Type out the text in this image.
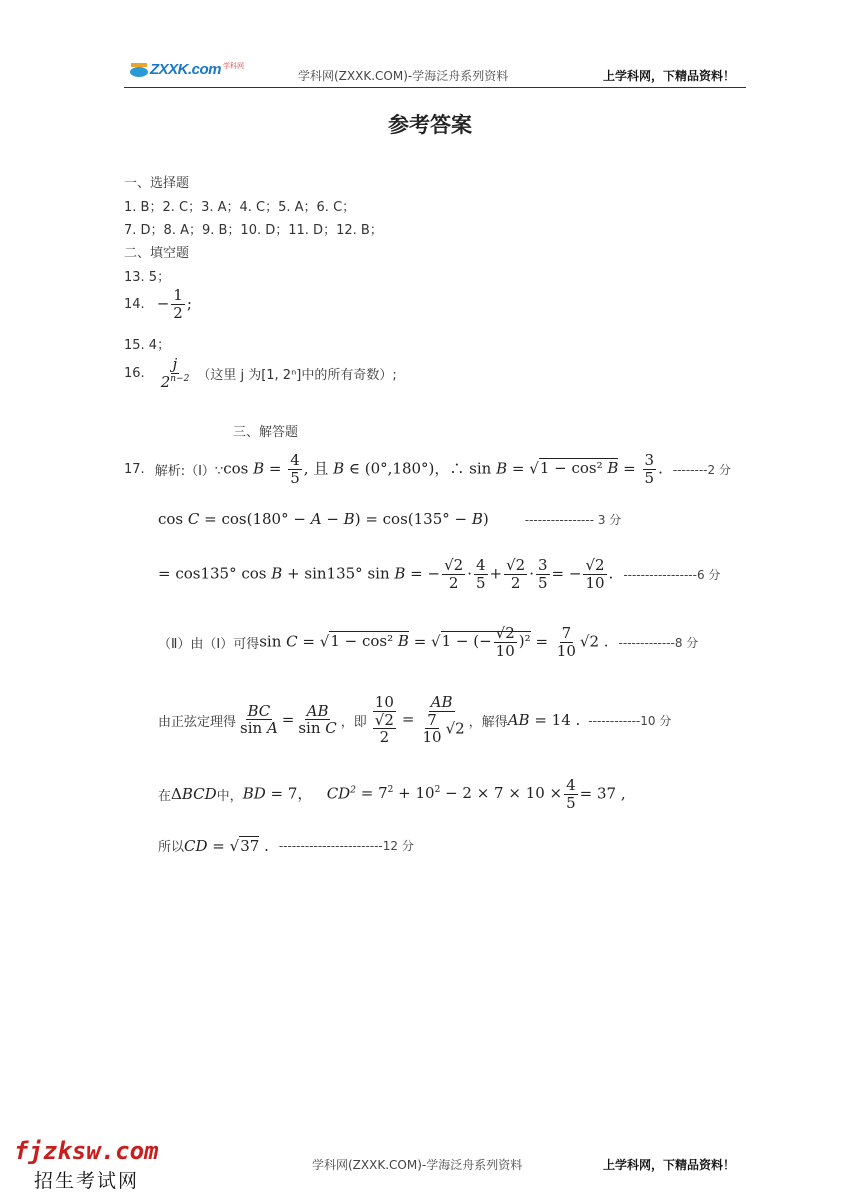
ZXXK.com 学科网
学科网(ZXXK.COM)-学海泛舟系列资料	上学科网，下精品资料！
参考答案
一、选择题
1. B；2. C；3. A；4. C；5. A；6. C；
7. D；8. A；9. B；10. D；11. D；12. B；
二、填空题
13. 5；
14. − $\frac{1}{2}$ ;
15. 4；
16. $\frac{j}{2^{n-2}}$ （这里 j 为[1, 2ⁿ]中的所有奇数）;
三、解答题
17. 解析:（Ⅰ）∵ $\cos B = \frac{4}{5}$ , 且 B ∈ (0°,180°)，∴ sin B = √1 − cos² $B = \frac{3}{5}$ . --------2 分
cos C = cos(180° − A − B) = cos(135° − B)	---------------- 3 分
= cos135° cos B + sin135° sin B = − $\frac{√2}{2} \cdot \frac{4}{5} + \frac{√2}{2} \cdot \frac{3}{5}$ = − $\frac{√2}{10}$ . -----------------6 分
（Ⅱ）由（Ⅰ）可得 sin C = √1 − cos² B = √1 − (− $\frac{√2}{10} )^2 = \frac{7}{10} √2$ . -------------8 分
由正弦定理得 $\frac{BC}{\text{sin A}} = \frac{AB}{\text{sin C}}$ ，即 $\frac{10}{\frac{√2}{2}} = \frac{AB}{\frac{7}{10} √2}$ ，解得 AB = 14 . ------------10 分
在 ΔBCD 中， BD = 7，   $CD^2 = 7^2 + 10^2 - 2 \times 7 \times 10 \times \frac{4}{5} = 37$ ,
所以 CD = √37 . ------------------------12 分
fjzksw.com
招生考试网
学科网(ZXXK.COM)-学海泛舟系列资料	上学科网，下精品资料！
